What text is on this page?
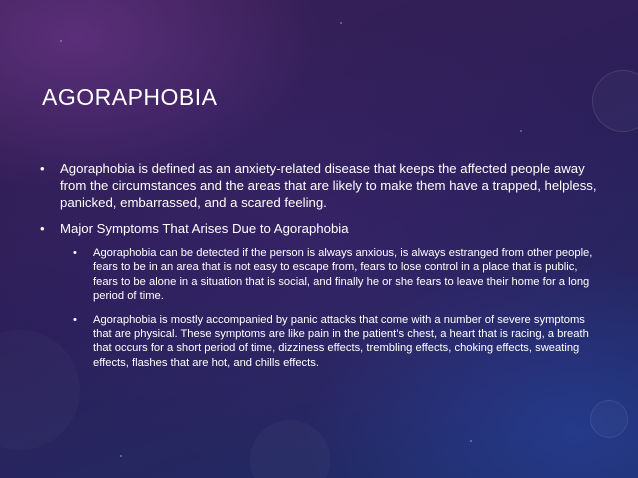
AGORAPHOBIA
• Agoraphobia is defined as an anxiety-related disease that keeps the affected people away from the circumstances and the areas that are likely to make them have a trapped, helpless, panicked, embarrassed, and a scared feeling.
• Major Symptoms That Arises Due to Agoraphobia
• Agoraphobia can be detected if the person is always anxious, is always estranged from other people, fears to be in an area that is not easy to escape from, fears to lose control in a place that is public, fears to be alone in a situation that is social, and finally he or she fears to leave their home for a long period of time.
• Agoraphobia is mostly accompanied by panic attacks that come with a number of severe symptoms that are physical. These symptoms are like pain in the patient’s chest, a heart that is racing, a breath that occurs for a short period of time, dizziness effects, trembling effects, choking effects, sweating effects, flashes that are hot, and chills effects.
